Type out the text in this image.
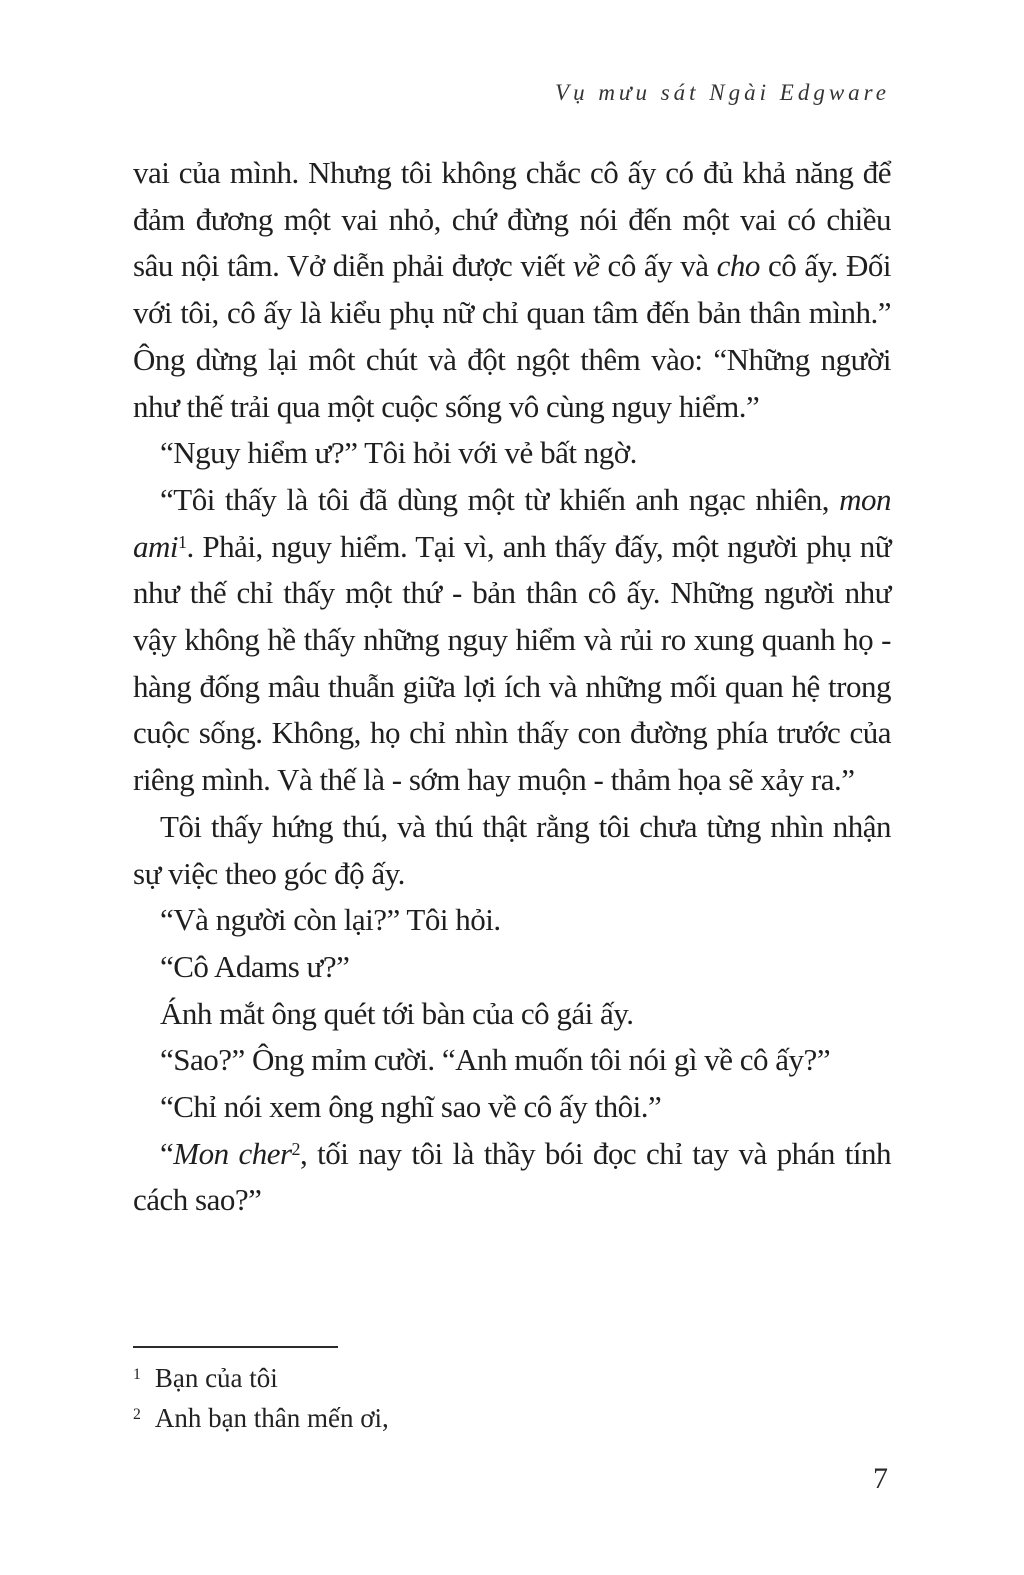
Vụ mưu sát Ngài Edgware

vai của mình. Nhưng tôi không chắc cô ấy có đủ khả năng để đảm đương một vai nhỏ, chứ đừng nói đến một vai có chiều sâu nội tâm. Vở diễn phải được viết về cô ấy và cho cô ấy. Đối với tôi, cô ấy là kiểu phụ nữ chỉ quan tâm đến bản thân mình.” Ông dừng lại môt chút và đột ngột thêm vào: “Những người như thế trải qua một cuộc sống vô cùng nguy hiểm.”

“Nguy hiểm ư?” Tôi hỏi với vẻ bất ngờ.

“Tôi thấy là tôi đã dùng một từ khiến anh ngạc nhiên, mon ami$^1$. Phải, nguy hiểm. Tại vì, anh thấy đấy, một người phụ nữ như thế chỉ thấy một thứ - bản thân cô ấy. Những người như vậy không hề thấy những nguy hiểm và rủi ro xung quanh họ - hàng đống mâu thuẫn giữa lợi ích và những mối quan hệ trong cuộc sống. Không, họ chỉ nhìn thấy con đường phía trước của riêng mình. Và thế là - sớm hay muộn - thảm họa sẽ xảy ra.”

Tôi thấy hứng thú, và thú thật rằng tôi chưa từng nhìn nhận sự việc theo góc độ ấy.

“Và người còn lại?” Tôi hỏi.

“Cô Adams ư?”

Ánh mắt ông quét tới bàn của cô gái ấy.

“Sao?” Ông mỉm cười. “Anh muốn tôi nói gì về cô ấy?”

“Chỉ nói xem ông nghĩ sao về cô ấy thôi.”

“Mon cher$^2$, tối nay tôi là thầy bói đọc chỉ tay và phán tính cách sao?”

$^1$ Bạn của tôi
$^2$ Anh bạn thân mến ơi,
7
